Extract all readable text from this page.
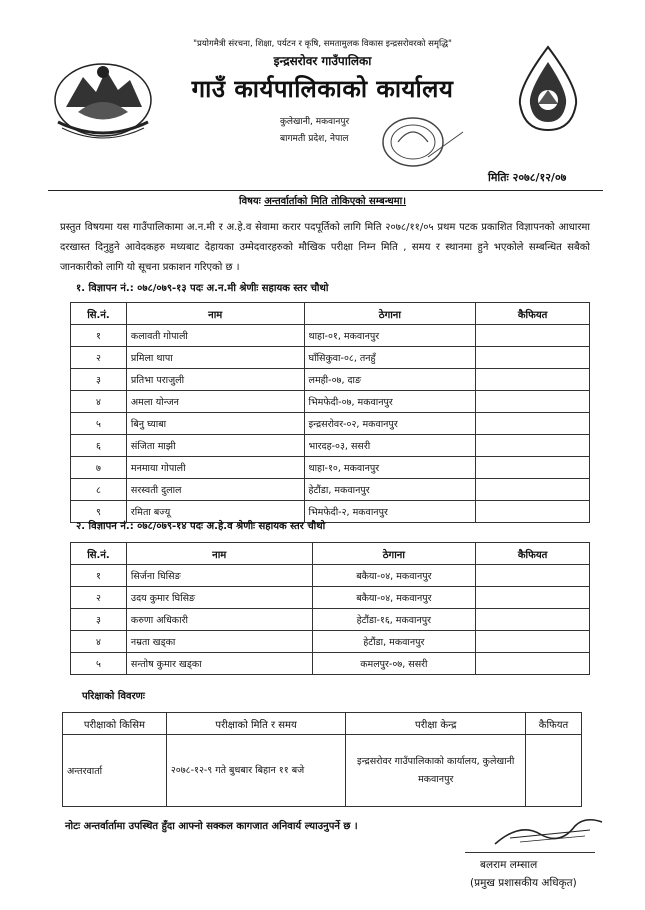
"प्रयोगमैत्री संरचना, शिक्षा, पर्यटन र कृषि, समतामुलक विकास इन्द्रसरोवरको समृद्धि"
इन्द्रसरोवर गाउँपालिका
गाउँ कार्यपालिकाको कार्यालय
कुलेखानी, मकवानपुर
बागमती प्रदेश, नेपाल
मितिः २०७८/१२/०७
विषयः अन्तर्वार्ताको मिति तोकिएको सम्बन्धमा।
प्रस्तुत विषयमा यस गाउँपालिकामा अ.न.मी र अ.हे.व सेवामा करार पदपूर्तिको लागि मिति २०७८/११/०५ प्रथम पटक प्रकाशित विज्ञापनको आधारमा दरखास्त दिनुहुने आवेदकहरु मध्यबाट देहायका उम्मेदवारहरुको मौखिक परीक्षा निम्न मिति , समय र स्थानमा हुने भएकोले सम्बन्धित सबैको जानकारीको लागि यो सूचना प्रकाशन गरिएको छ ।
१. विज्ञापन नं.: ०७८/०७९-१३ पदः अ.न.मी श्रेणीः सहायक स्तर चौथो
सि.नं.	नाम	ठेगाना	कैफियत
१	कलावती गोपाली	थाहा-०१, मकवानपुर	
२	प्रमिला थापा	घाँसिकुवा-०८, तनहुँ	
३	प्रतिभा पराजुली	लमही-०७, दाङ	
४	अमला योन्जन	भिमफेदी-०७, मकवानपुर	
५	बिनु घ्याबा	इन्द्रसरोवर-०२, मकवानपुर	
६	संजिता माझी	भारदह-०३, ससरी	
७	मनमाया गोपाली	थाहा-१०, मकवानपुर	
८	सरस्वती दुलाल	हेटौंडा, मकवानपुर	
९	रमिता बज्यू	भिमफेदी-२, मकवानपुर	
२. विज्ञापन नं.: ०७८/०७९-१४ पदः अ.हे.व श्रेणीः सहायक स्तर चौथो
सि.नं.	नाम	ठेगाना	कैफियत
१	सिर्जना घिसिङ	बकैया-०४, मकवानपुर	
२	उदय कुमार घिसिङ	बकैया-०४, मकवानपुर	
३	करुणा अधिकारी	हेटौंडा-१६, मकवानपुर	
४	नम्रता खड्का	हेटौंडा, मकवानपुर	
५	सन्तोष कुमार खड्का	कमलपुर-०७, ससरी	
परिक्षाको विवरणः
परीक्षाको किसिम	परीक्षाको मिति र समय	परीक्षा केन्द्र	कैफियत
अन्तरवार्ता	२०७८-१२-९ गते बुधबार बिहान ११ बजे	इन्द्रसरोवर गाउँपालिकाको कार्यालय, कुलेखानी मकवानपुर	
नोटः अन्तर्वार्तामा उपस्थित हुँदा आफ्नो सक्कल कागजात अनिवार्य ल्याउनुपर्ने छ ।
बलराम लम्साल
(प्रमुख प्रशासकीय अधिकृत)
